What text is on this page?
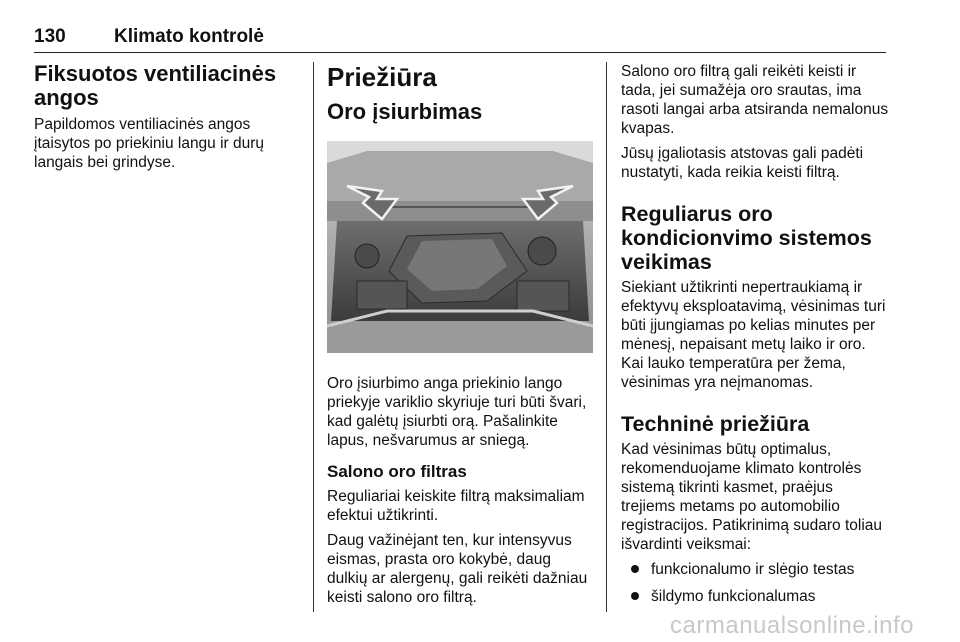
130	Klimato kontrolė
Fiksuotos ventiliacinės angos

Papildomos ventiliacinės angos įtaisytos po priekiniu langu ir durų langais bei grindyse.

Priežiūra
Oro įsiurbimas

Oro įsiurbimo anga priekinio lango priekyje variklio skyriuje turi būti švari, kad galėtų įsiurbti orą. Pašalinkite lapus, nešvarumus ar sniegą.

Salono oro filtras

Reguliariai keiskite filtrą maksimaliam efektui užtikrinti.

Daug važinėjant ten, kur intensyvus eismas, prasta oro kokybė, daug dulkių ar alergenų, gali reikėti dažniau keisti salono oro filtrą.

Salono oro filtrą gali reikėti keisti ir tada, jei sumažėja oro srautas, ima rasoti langai arba atsiranda nemalonus kvapas.

Jūsų įgaliotasis atstovas gali padėti nustatyti, kada reikia keisti filtrą.

Reguliarus oro kondicionvimo sistemos veikimas

Siekiant užtikrinti nepertraukiamą ir efektyvų eksploatavimą, vėsinimas turi būti įjungiamas po kelias minutes per mėnesį, nepaisant metų laiko ir oro. Kai lauko temperatūra per žema, vėsinimas yra neįmanomas.

Techninė priežiūra

Kad vėsinimas būtų optimalus, rekomenduojame klimato kontrolės sistemą tikrinti kasmet, praėjus trejiems metams po automobilio registracijos. Patikrinimą sudaro toliau išvardinti veiksmai:

funkcionalumo ir slėgio testas
šildymo funkcionalumas
carmanualsonline.info
